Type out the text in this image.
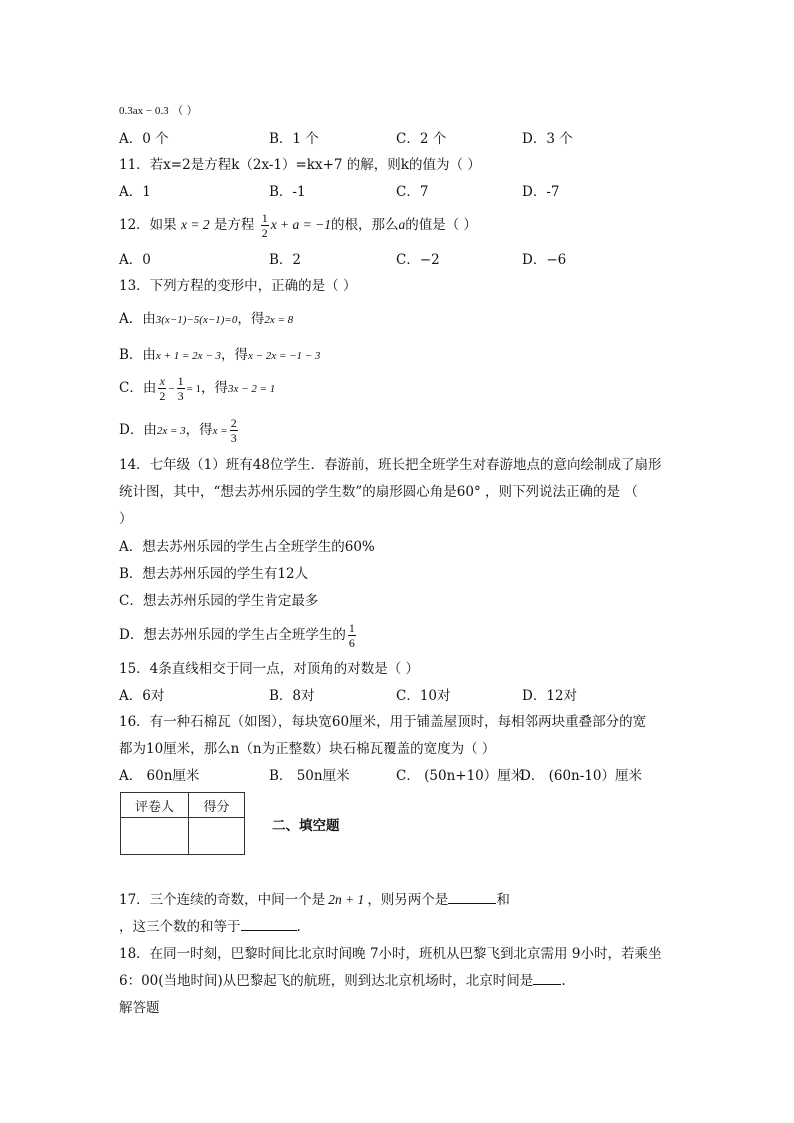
0.3ax − 0.3 （ ）
A．0 个	B．1 个	C．2 个	D．3 个
11．若x=2是方程k（2x-1）=kx+7 的解，则k的值为（ ）
A．1	B．-1	C．7	D．-7
12．如果 x = 2 是方程 $\frac{1}{2}$ x + a = −1的根，那么a的值是（ ）
A．0	B．2	C．−2	D．−6
13．下列方程的变形中，正确的是（ ）
A．由3(x−1)−5(x−1)=0，得2x = 8
B．由x + 1 = 2x − 3，得x − 2x = −1 − 3
C．由 $\frac{x}{2} - \frac{1}{3} = 1$，得3x − 2 = 1
D．由2x = 3，得$x = \frac{2}{3}$
14．七年级（1）班有48位学生．春游前，班长把全班学生对春游地点的意向绘制成了扇形
统计图，其中，“想去苏州乐园的学生数”的扇形圆心角是60° ，则下列说法正确的是 （
）
A．想去苏州乐园的学生占全班学生的60%
B．想去苏州乐园的学生有12人
C．想去苏州乐园的学生肯定最多
D．想去苏州乐园的学生占全班学生的 $\frac{1}{6}$
15．4条直线相交于同一点，对顶角的对数是（ ）
A．6对	B．8对	C．10对	D．12对
16．有一种石棉瓦（如图），每块宽60厘米，用于铺盖屋顶时，每相邻两块重叠部分的宽
都为10厘米，那么n（n为正整数）块石棉瓦覆盖的宽度为（ ）
A． 60n厘米	B． 50n厘米	C． (50n+10）厘米
D． (60n-10）厘米
评卷人	得分

二、填空题
17．三个连续的奇数，中间一个是 2n + 1 ，则另两个是	和
，这三个数的和等于	.
18．在同一时刻，巴黎时间比北京时间晚 7小时，班机从巴黎飞到北京需用 9小时，若乘坐
6：00(当地时间)从巴黎起飞的航班，则到达北京机场时，北京时间是 .
解答题
